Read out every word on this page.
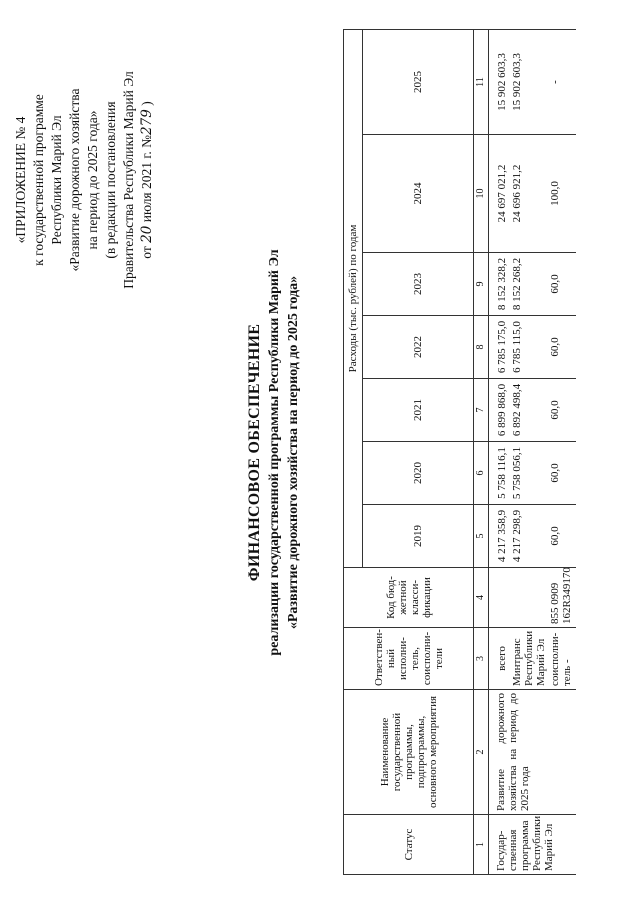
«ПРИЛОЖЕНИЕ № 4 к государственной программе Республики Марий Эл «Развитие дорожного хозяйства на период до 2025 года» (в редакции постановления Правительства Республики Марий Эл от 20 июля 2021 г. №279 )
ФИНАНСОВОЕ ОБЕСПЕЧЕНИЕ реализации государственной программы Республики Марий Эл «Развитие дорожного хозяйства на период до 2025 года»
Статус	Наименование государственной программы, подпрограммы, основного мероприятия	Ответствен-ный исполни-тель, соисполни-тели	Код бюд-жетной класси-фикации	Расходы (тыс. рублей) по годам						
				2019	2020	2021	2022	2023	2024	2025
1	2	3	4	5	6	7	8	9	10	11
Государ-ственная программа Республики Марий Эл	Развитие дорожного хозяйства на период до 2025 года	всего		4 217 358,9	5 758 116,1	6 899 868,0	6 785 175,0	8 152 328,2	24 697 021,2	15 902 603,3
		Минтранс Республики Марий Эл		4 217 298,9	5 758 056,1	6 892 498,4	6 785 115,0	8 152 268,2	24 696 921,2	15 902 603,3
		соисполни-тель -	855 0909 162R349170	60,0	60,0	60,0	60,0	60,0	100,0	-
